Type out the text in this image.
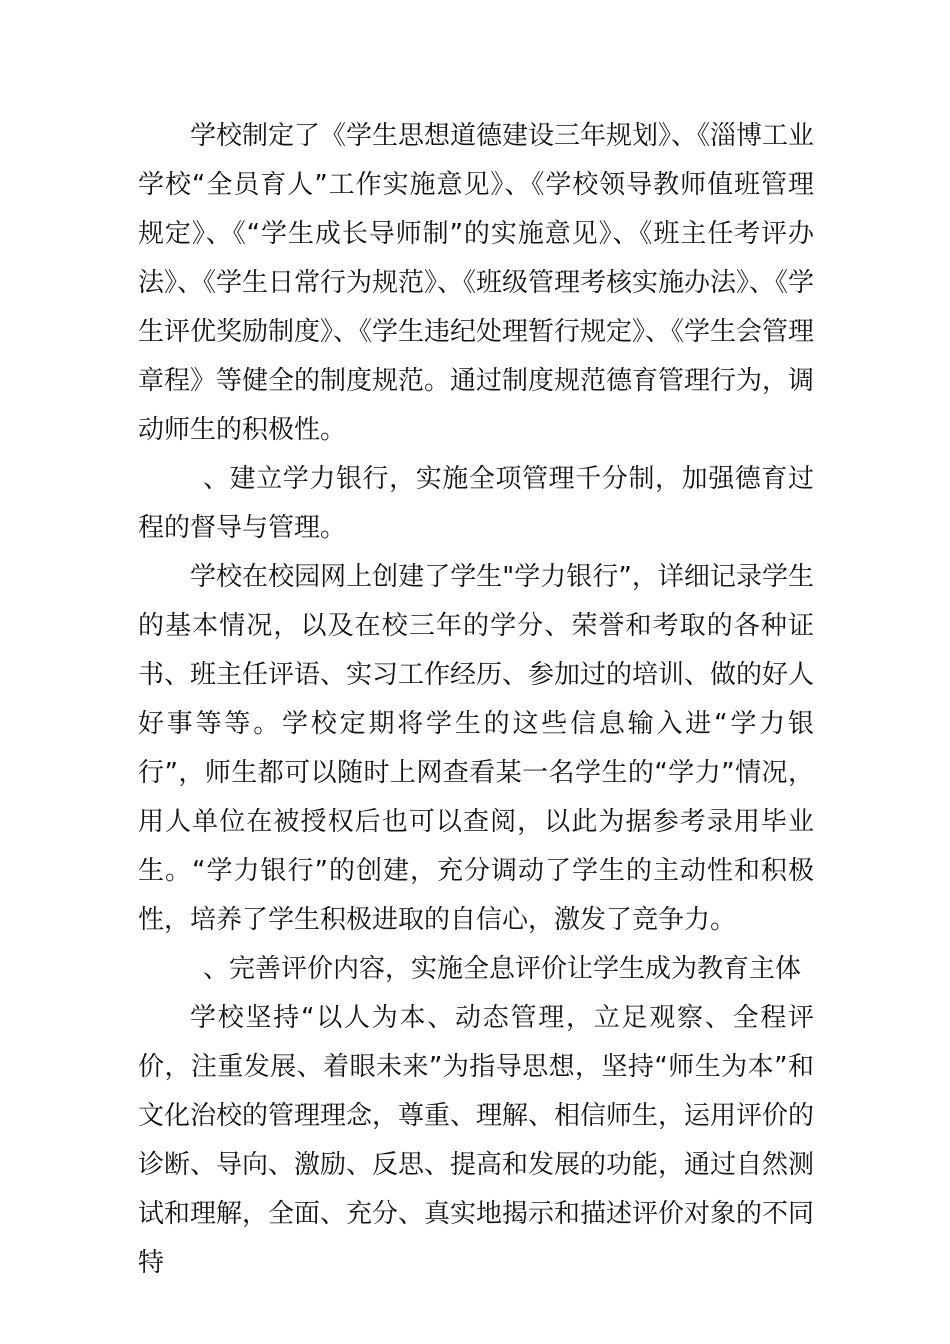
学校制定了《学生思想道德建设三年规划》、《淄博工业学校“全员育人”工作实施意见》、《学校领导教师值班管理规定》、《“学生成长导师制”的实施意见》、《班主任考评办法》、《学生日常行为规范》、《班级管理考核实施办法》、《学生评优奖励制度》、《学生违纪处理暂行规定》、《学生会管理章程》等健全的制度规范。通过制度规范德育管理行为，调动师生的积极性。

、建立学力银行，实施全项管理千分制，加强德育过程的督导与管理。

学校在校园网上创建了学生"学力银行”，详细记录学生的基本情况，以及在校三年的学分、荣誉和考取的各种证书、班主任评语、实习工作经历、参加过的培训、做的好人好事等等。学校定期将学生的这些信息输入进“学力银行”，师生都可以随时上网查看某一名学生的“学力”情况，用人单位在被授权后也可以查阅，以此为据参考录用毕业生。“学力银行”的创建，充分调动了学生的主动性和积极性，培养了学生积极进取的自信心，激发了竞争力。

、完善评价内容，实施全息评价让学生成为教育主体

学校坚持“以人为本、动态管理，立足观察、全程评价，注重发展、着眼未来”为指导思想，坚持“师生为本”和文化治校的管理理念，尊重、理解、相信师生，运用评价的诊断、导向、激励、反思、提高和发展的功能，通过自然测试和理解，全面、充分、真实地揭示和描述评价对象的不同特
